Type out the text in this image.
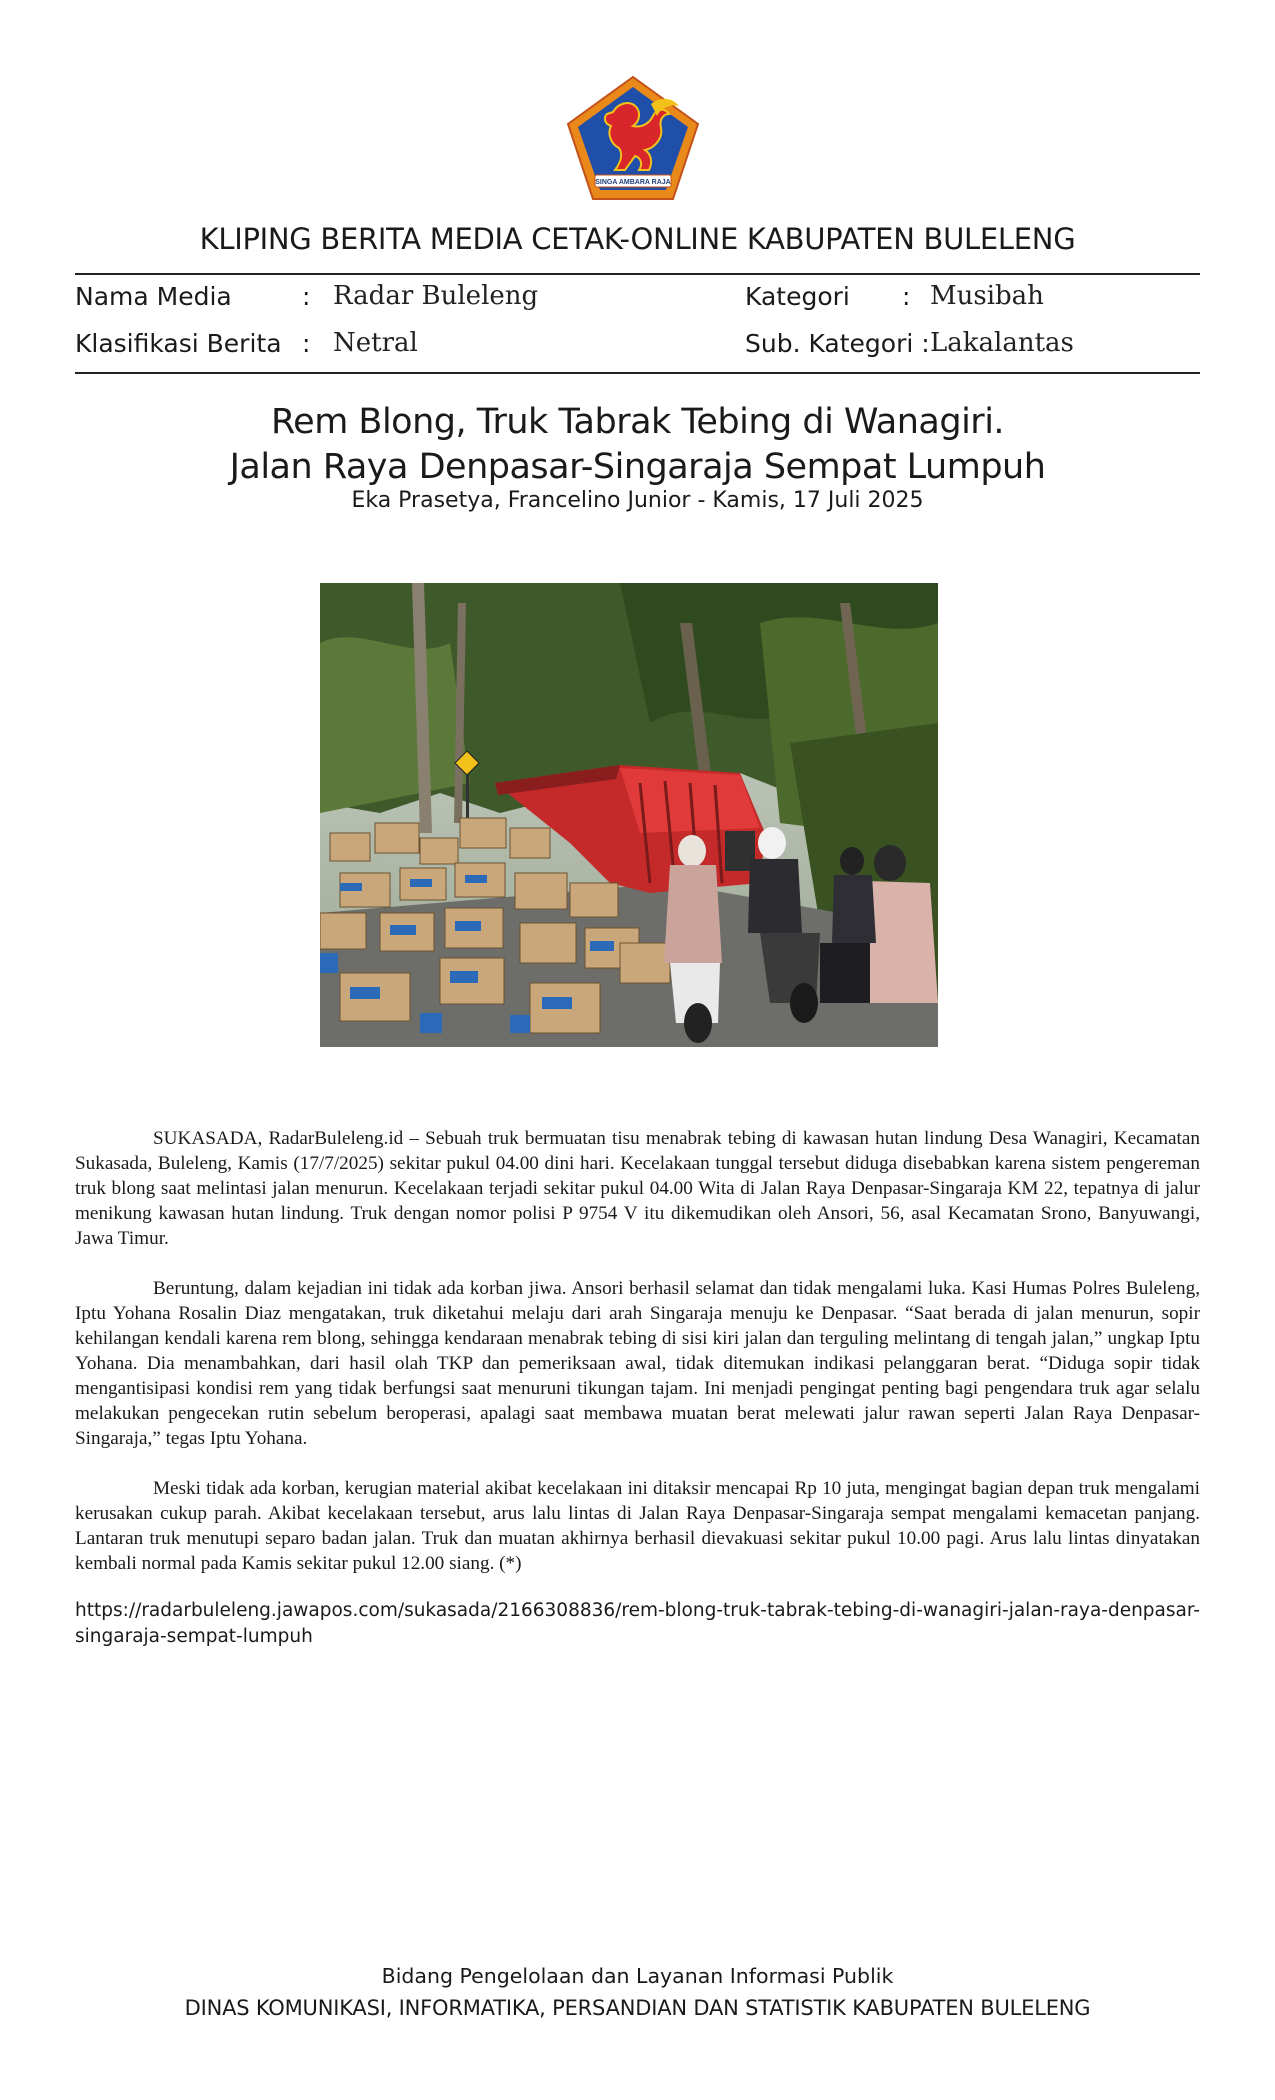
SINGA AMBARA RAJA
KLIPING BERITA MEDIA CETAK-ONLINE KABUPATEN BULELENG
Nama Media	: Radar Buleleng	Kategori : Musibah
Klasifikasi Berita : Netral	Sub. Kategori : Lakalantas
Rem Blong, Truk Tabrak Tebing di Wanagiri.
Jalan Raya Denpasar-Singaraja Sempat Lumpuh
Eka Prasetya, Francelino Junior - Kamis, 17 Juli 2025

SUKASADA, RadarBuleleng.id – Sebuah truk bermuatan tisu menabrak tebing di kawasan hutan lindung Desa Wanagiri, Kecamatan Sukasada, Buleleng, Kamis (17/7/2025) sekitar pukul 04.00 dini hari. Kecelakaan tunggal tersebut diduga disebabkan karena sistem pengereman truk blong saat melintasi jalan menurun. Kecelakaan terjadi sekitar pukul 04.00 Wita di Jalan Raya Denpasar-Singaraja KM 22, tepatnya di jalur menikung kawasan hutan lindung. Truk dengan nomor polisi P 9754 V itu dikemudikan oleh Ansori, 56, asal Kecamatan Srono, Banyuwangi, Jawa Timur.

Beruntung, dalam kejadian ini tidak ada korban jiwa. Ansori berhasil selamat dan tidak mengalami luka. Kasi Humas Polres Buleleng, Iptu Yohana Rosalin Diaz mengatakan, truk diketahui melaju dari arah Singaraja menuju ke Denpasar. “Saat berada di jalan menurun, sopir kehilangan kendali karena rem blong, sehingga kendaraan menabrak tebing di sisi kiri jalan dan terguling melintang di tengah jalan,” ungkap Iptu Yohana. Dia menambahkan, dari hasil olah TKP dan pemeriksaan awal, tidak ditemukan indikasi pelanggaran berat. “Diduga sopir tidak mengantisipasi kondisi rem yang tidak berfungsi saat menuruni tikungan tajam. Ini menjadi pengingat penting bagi pengendara truk agar selalu melakukan pengecekan rutin sebelum beroperasi, apalagi saat membawa muatan berat melewati jalur rawan seperti Jalan Raya Denpasar-Singaraja,” tegas Iptu Yohana.

Meski tidak ada korban, kerugian material akibat kecelakaan ini ditaksir mencapai Rp 10 juta, mengingat bagian depan truk mengalami kerusakan cukup parah. Akibat kecelakaan tersebut, arus lalu lintas di Jalan Raya Denpasar-Singaraja sempat mengalami kemacetan panjang. Lantaran truk menutupi separo badan jalan. Truk dan muatan akhirnya berhasil dievakuasi sekitar pukul 10.00 pagi. Arus lalu lintas dinyatakan kembali normal pada Kamis sekitar pukul 12.00 siang. (*)

https://radarbuleleng.jawapos.com/sukasada/2166308836/rem-blong-truk-tabrak-tebing-di-wanagiri-jalan-raya-denpasar-singaraja-sempat-lumpuh
Bidang Pengelolaan dan Layanan Informasi Publik
DINAS KOMUNIKASI, INFORMATIKA, PERSANDIAN DAN STATISTIK KABUPATEN BULELENG
